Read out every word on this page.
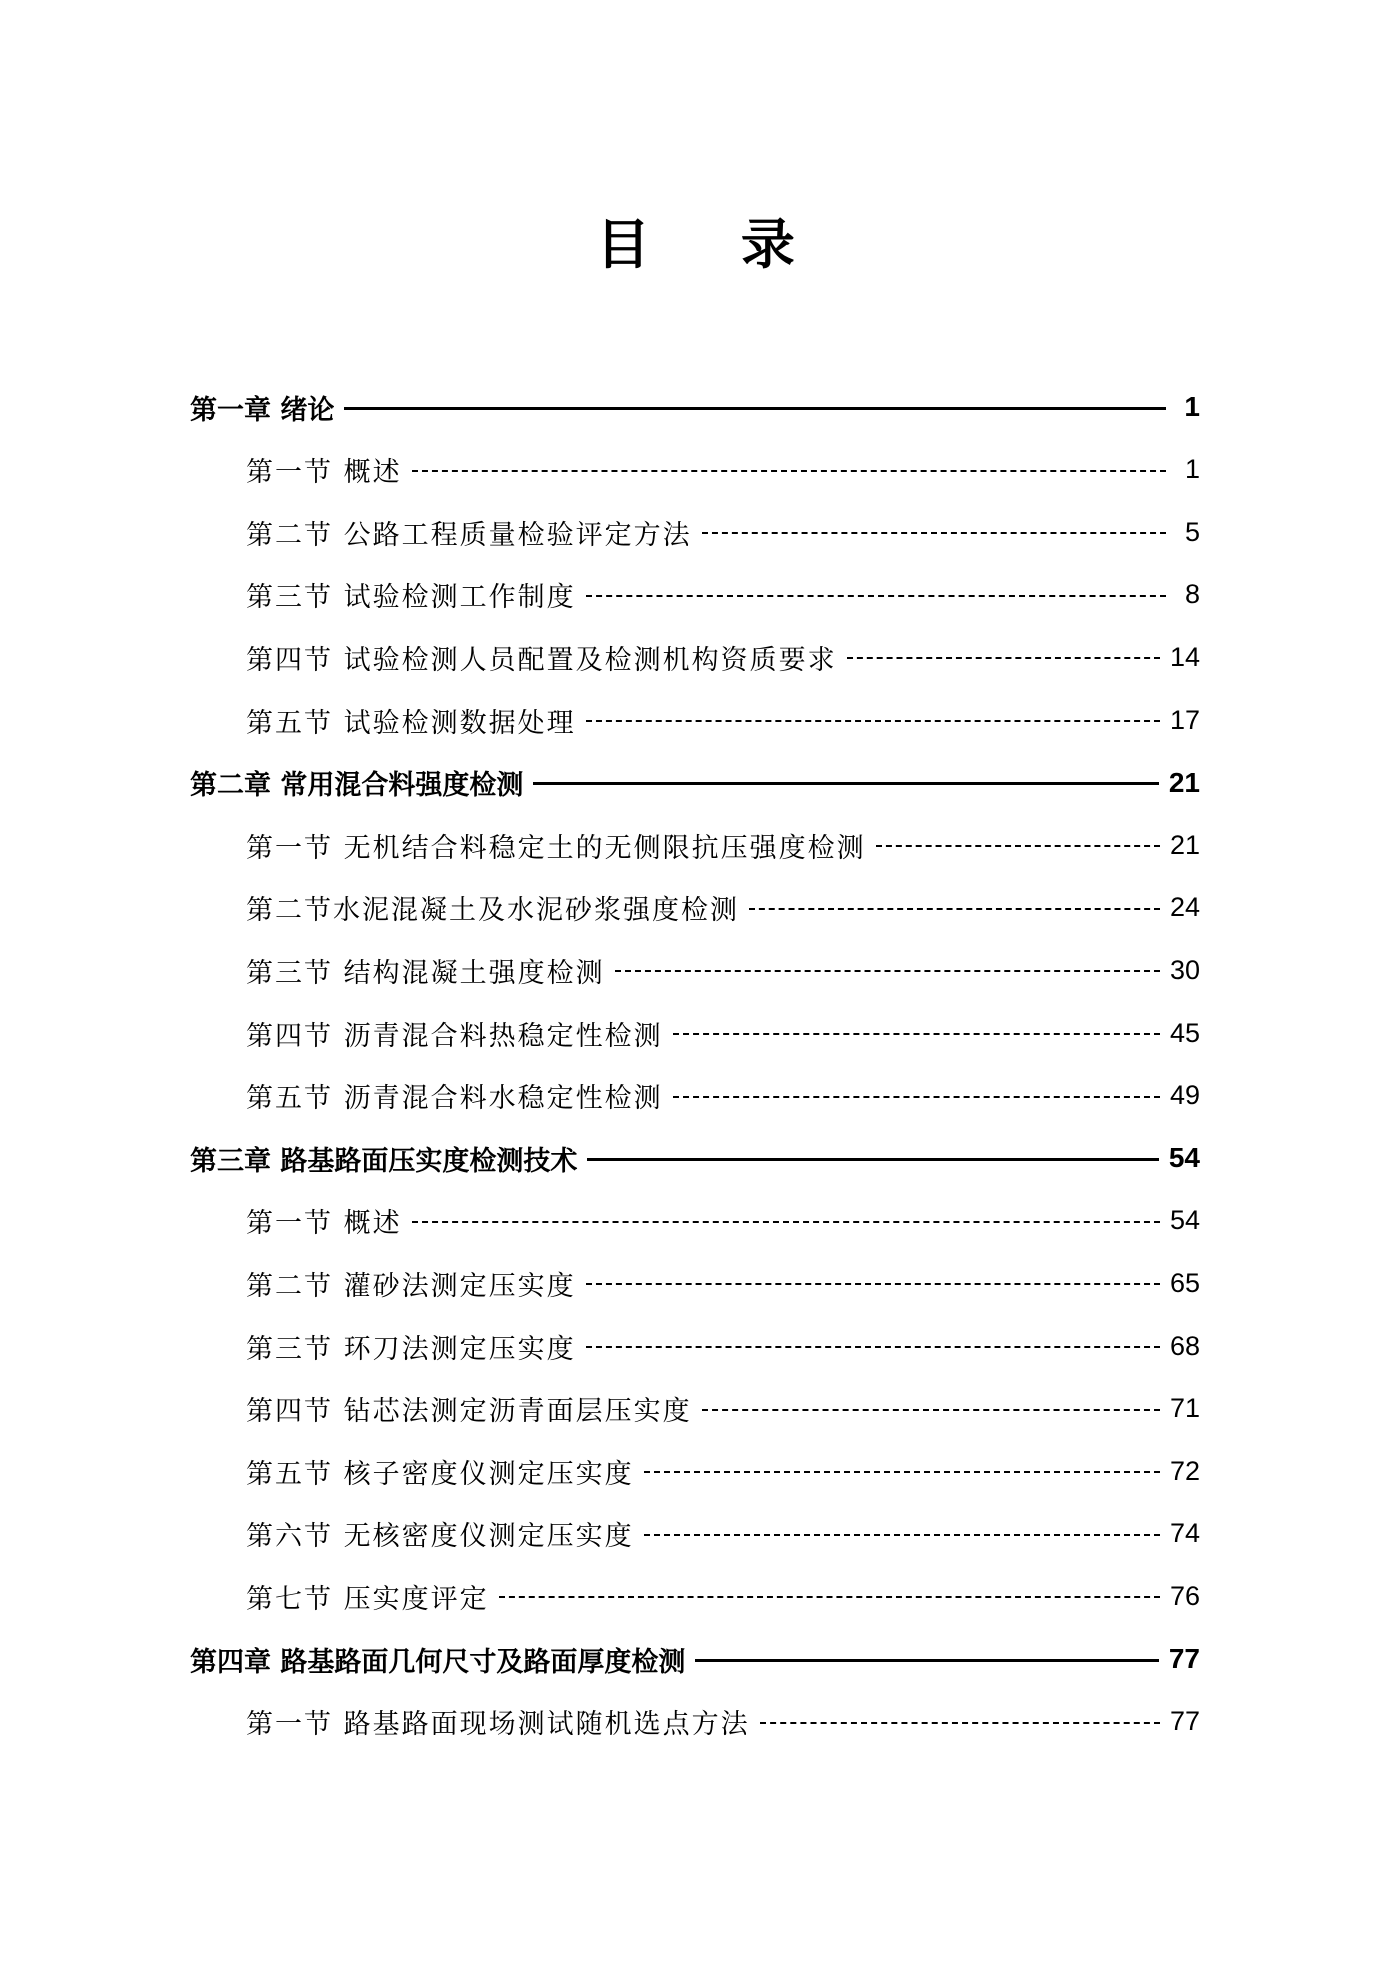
目 录
第一章 绪论	1
第一节 概述	1
第二节 公路工程质量检验评定方法	5
第三节 试验检测工作制度	8
第四节 试验检测人员配置及检测机构资质要求	14
第五节 试验检测数据处理	17
第二章 常用混合料强度检测	21
第一节 无机结合料稳定土的无侧限抗压强度检测	21
第二节水泥混凝土及水泥砂浆强度检测	24
第三节 结构混凝土强度检测	30
第四节 沥青混合料热稳定性检测	45
第五节 沥青混合料水稳定性检测	49
第三章 路基路面压实度检测技术	54
第一节 概述	54
第二节 灌砂法测定压实度	65
第三节 环刀法测定压实度	68
第四节 钻芯法测定沥青面层压实度	71
第五节 核子密度仪测定压实度	72
第六节 无核密度仪测定压实度	74
第七节 压实度评定	76
第四章 路基路面几何尺寸及路面厚度检测	77
第一节 路基路面现场测试随机选点方法	77
